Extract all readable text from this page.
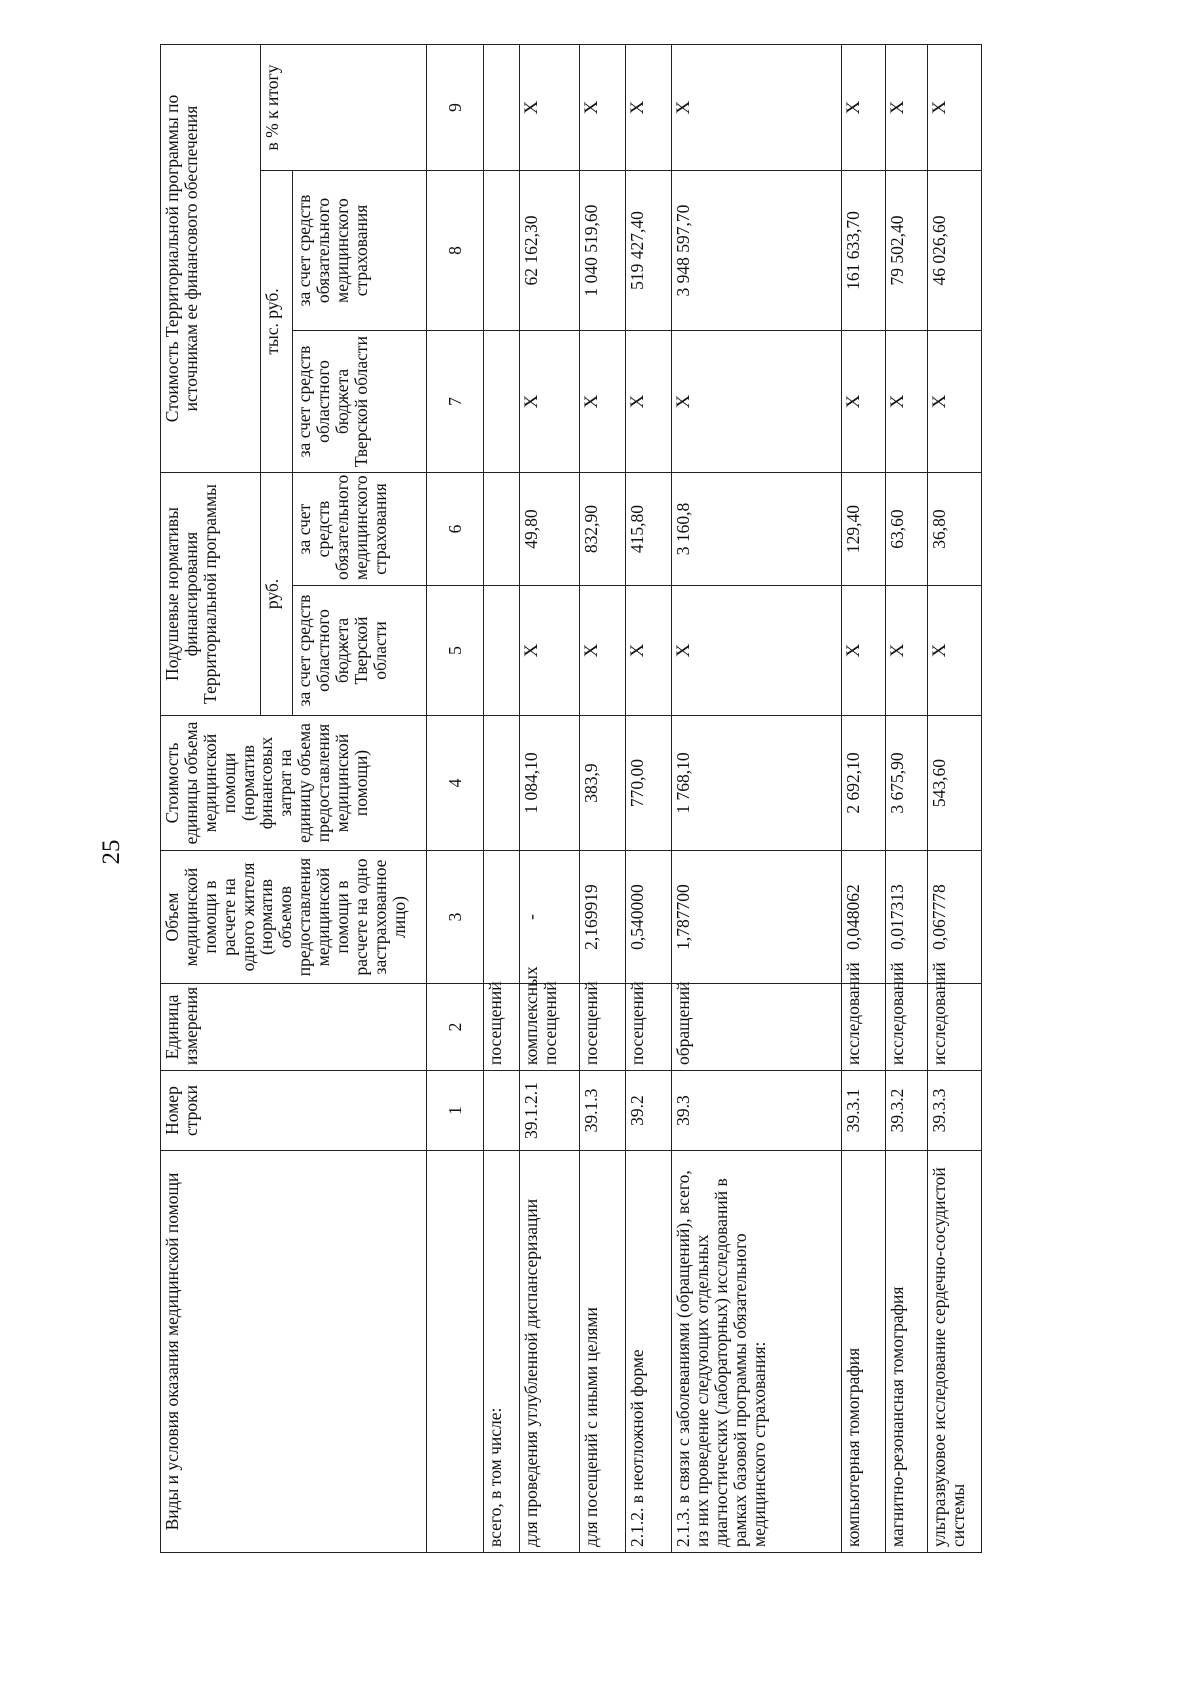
25
Виды и условия оказания медицинской помощи	Номер строки	Единица измерения	Объем медицинской помощи в расчете на одного жителя (норматив объемов предоставления медицинской помощи в расчете на одно застрахованное лицо)	Стоимость единицы объема медицинской помощи (норматив финансовых затрат на единицу объема предоставления медицинской помощи)	Подушевые нормативы финансирования Территориальной программы		Стоимость Территориальной программы по источникам ее финансового обеспечения		
					руб.		тыс. руб.		в % к итогу
					за счет средств областного бюджета Тверской области	за счет средств обязательного медицинского страхования	за счет средств областного бюджета Тверской области	за счет средств обязательного медицинского страхования	
	1	2	3	4	5	6	7	8	9
всего, в том числе:		посещений							
для проведения углубленной диспансеризации	39.1.2.1	комплексных посещений	-	1 084,10	X	49,80	X	62 162,30	X
для посещений с иными целями	39.1.3	посещений	2,169919	383,9	X	832,90	X	1 040 519,60	X
2.1.2. в неотложной форме	39.2	посещений	0,540000	770,00	X	415,80	X	519 427,40	X
2.1.3. в связи с заболеваниями (обращений), всего, из них проведение следующих отдельных диагностических (лабораторных) исследований в рамках базовой программы обязательного медицинского страхования:	39.3	обращений	1,787700	1 768,10	X	3 160,8	X	3 948 597,70	X
компьютерная томография	39.3.1	исследований	0,048062	2 692,10	X	129,40	X	161 633,70	X
магнитно-резонансная томография	39.3.2	исследований	0,017313	3 675,90	X	63,60	X	79 502,40	X
ультразвуковое исследование сердечно-сосудистой системы	39.3.3	исследований	0,067778	543,60	X	36,80	X	46 026,60	X
